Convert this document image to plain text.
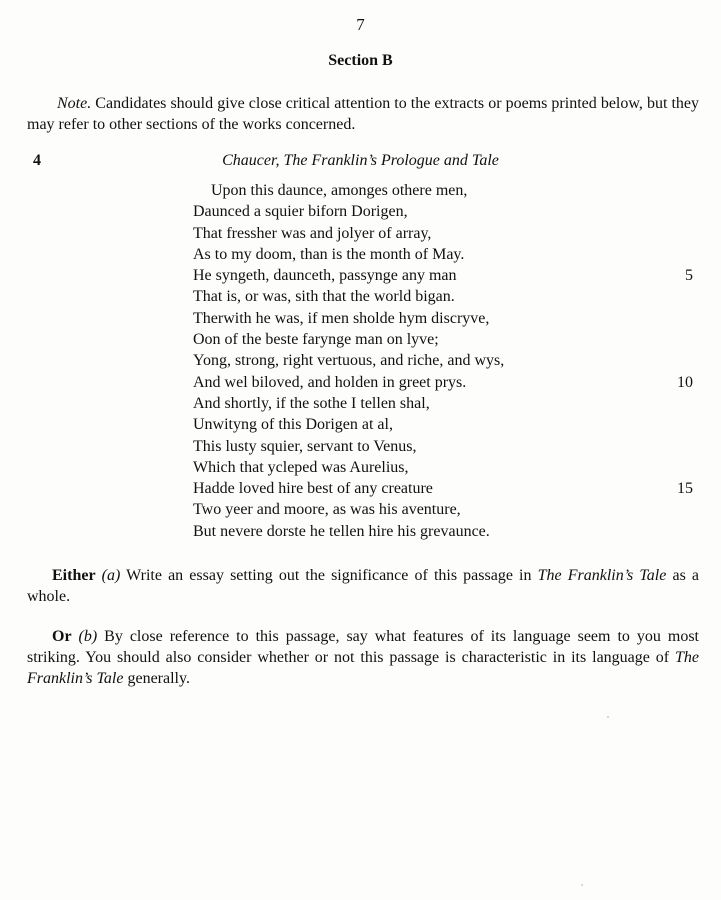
7
Section B
Note. Candidates should give close critical attention to the extracts or poems printed below, but they may refer to other sections of the works concerned.
4	Chaucer, The Franklin’s Prologue and Tale
Upon this daunce, amonges othere men,
Daunced a squier biforn Dorigen,
That fressher was and jolyer of array,
As to my doom, than is the month of May.
He syngeth, daunceth, passynge any man	5
That is, or was, sith that the world bigan.
Therwith he was, if men sholde hym discryve,
Oon of the beste farynge man on lyve;
Yong, strong, right vertuous, and riche, and wys,
And wel biloved, and holden in greet prys.	10
And shortly, if the sothe I tellen shal,
Unwityng of this Dorigen at al,
This lusty squier, servant to Venus,
Which that ycleped was Aurelius,
Hadde loved hire best of any creature	15
Two yeer and moore, as was his aventure,
But nevere dorste he tellen hire his grevaunce.
Either (a) Write an essay setting out the significance of this passage in The Franklin’s Tale as a whole.
Or (b) By close reference to this passage, say what features of its language seem to you most striking. You should also consider whether or not this passage is characteristic in its language of The Franklin’s Tale generally.
